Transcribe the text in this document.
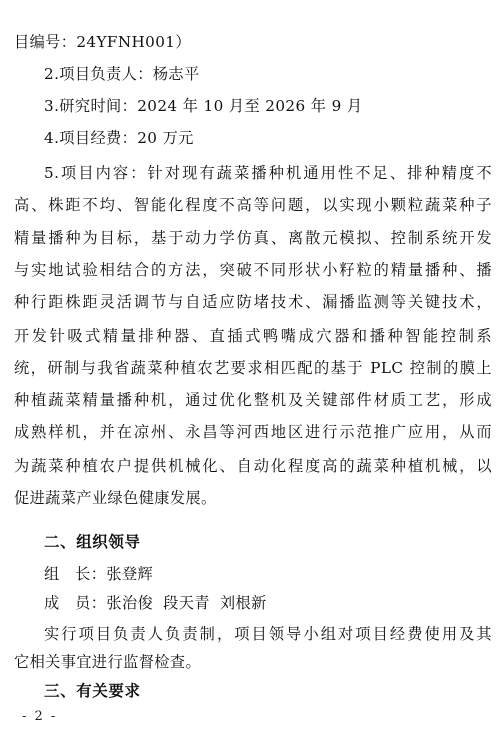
目编号：24YFNH001）
2.项目负责人：杨志平
3.研究时间：2024 年 10 月至 2026 年 9 月
4.项目经费：20 万元
5.项目内容：针对现有蔬菜播种机通用性不足、排种精度不
高、株距不均、智能化程度不高等问题，以实现小颗粒蔬菜种子
精量播种为目标，基于动力学仿真、离散元模拟、控制系统开发
与实地试验相结合的方法，突破不同形状小籽粒的精量播种、播
种行距株距灵活调节与自适应防堵技术、漏播监测等关键技术，
开发针吸式精量排种器、直插式鸭嘴成穴器和播种智能控制系
统，研制与我省蔬菜种植农艺要求相匹配的基于 PLC 控制的膜上
种植蔬菜精量播种机，通过优化整机及关键部件材质工艺，形成
成熟样机，并在凉州、永昌等河西地区进行示范推广应用，从而
为蔬菜种植农户提供机械化、自动化程度高的蔬菜种植机械，以
促进蔬菜产业绿色健康发展。
二、组织领导
组　长：张登辉
成　员：张治俊 段天青 刘根新
实行项目负责人负责制，项目领导小组对项目经费使用及其
它相关事宜进行监督检查。
三、有关要求
- 2 -
